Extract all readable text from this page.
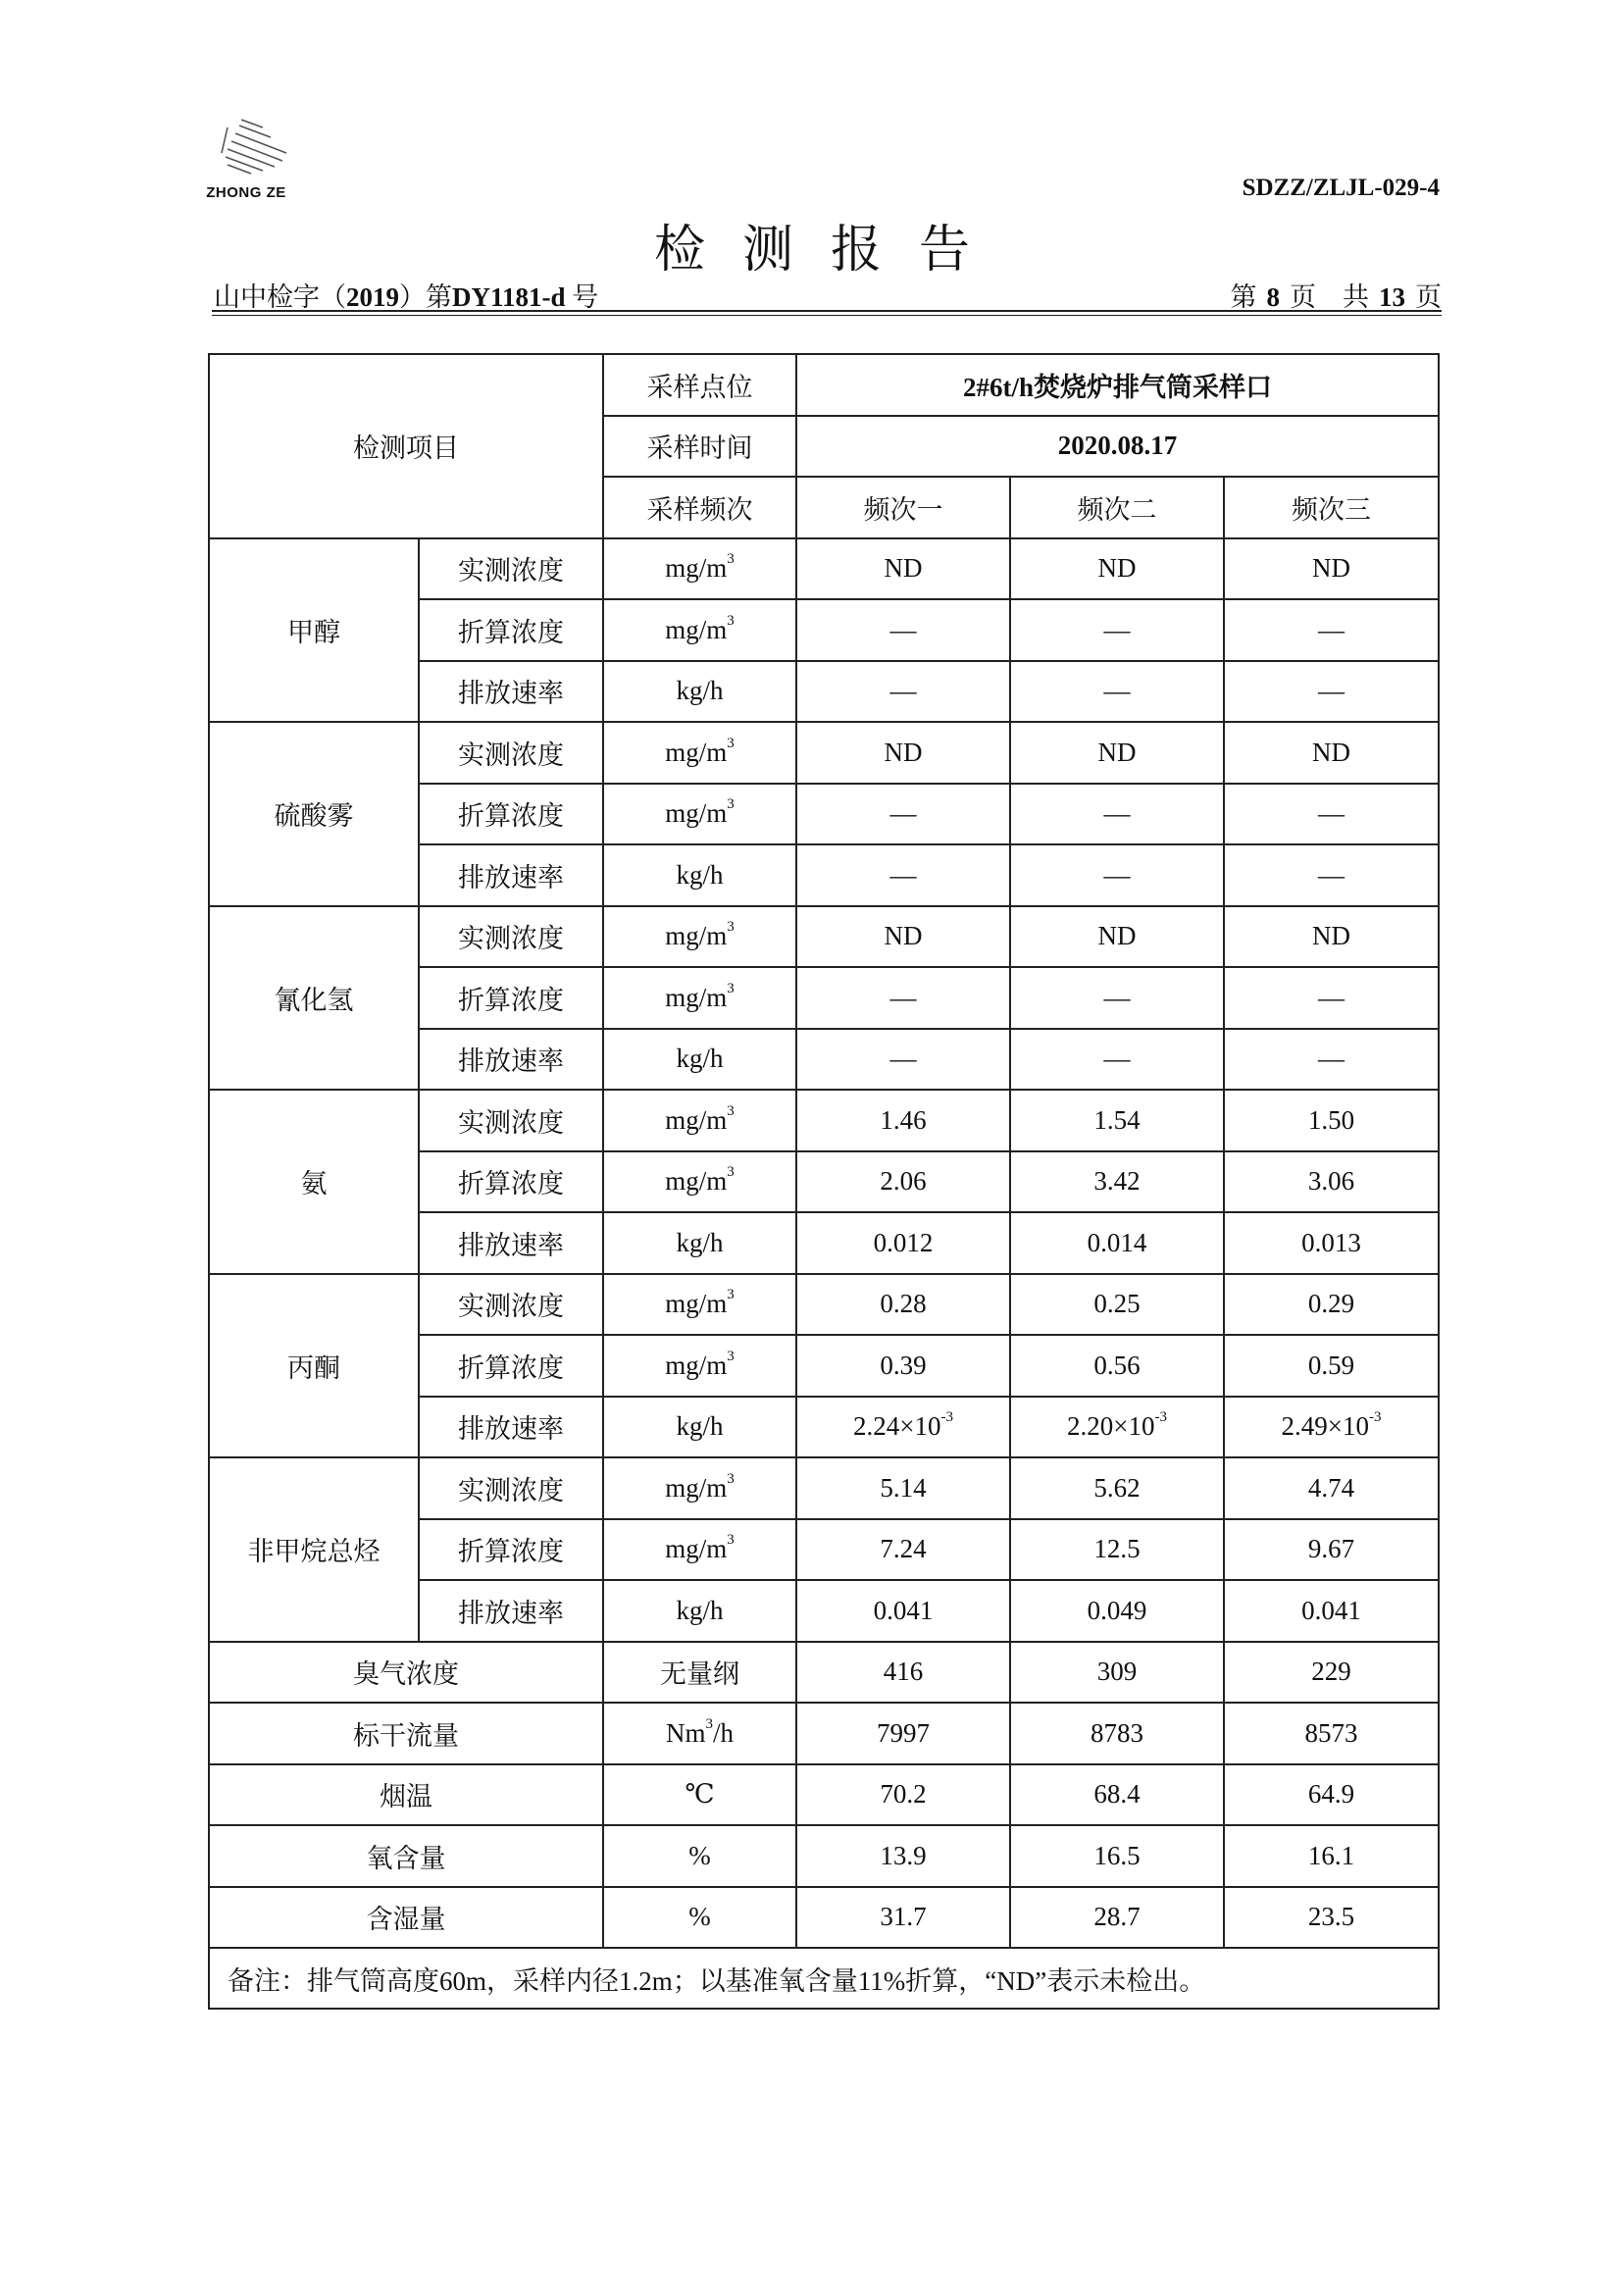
ZHONG ZE	SDZZ/ZLJL-029-4
检测报告
山中检字（2019）第DY1181-d 号	第 8 页　共 13 页
检测项目		采样点位	2#6t/h焚烧炉排气筒采样口		
		采样时间	2020.08.17		
		采样频次	频次一	频次二	频次三
甲醇	实测浓度	$mg/m^3$	ND	ND	ND
	折算浓度	$mg/m^3$	—	—	—
	排放速率	kg/h	—	—	—
硫酸雾	实测浓度	$mg/m^3$	ND	ND	ND
	折算浓度	$mg/m^3$	—	—	—
	排放速率	kg/h	—	—	—
氰化氢	实测浓度	$mg/m^3$	ND	ND	ND
	折算浓度	$mg/m^3$	—	—	—
	排放速率	kg/h	—	—	—
氨	实测浓度	$mg/m^3$	1.46	1.54	1.50
	折算浓度	$mg/m^3$	2.06	3.42	3.06
	排放速率	kg/h	0.012	0.014	0.013
丙酮	实测浓度	$mg/m^3$	0.28	0.25	0.29
	折算浓度	$mg/m^3$	0.39	0.56	0.59
	排放速率	kg/h	$2.24\times 10^{-3}$	$2.20\times 10^{-3}$	$2.49\times 10^{-3}$
非甲烷总烃	实测浓度	$mg/m^3$	5.14	5.62	4.74
	折算浓度	$mg/m^3$	7.24	12.5	9.67
	排放速率	kg/h	0.041	0.049	0.041
臭气浓度		无量纲	416	309	229
标干流量		Nm$^3$/h	7997	8783	8573
烟温		℃	70.2	68.4	64.9
氧含量		%	13.9	16.5	16.1
含湿量		%	31.7	28.7	23.5
备注：排气筒高度60m，采样内径1.2m；以基准氧含量11%折算，“ND”表示未检出。					
